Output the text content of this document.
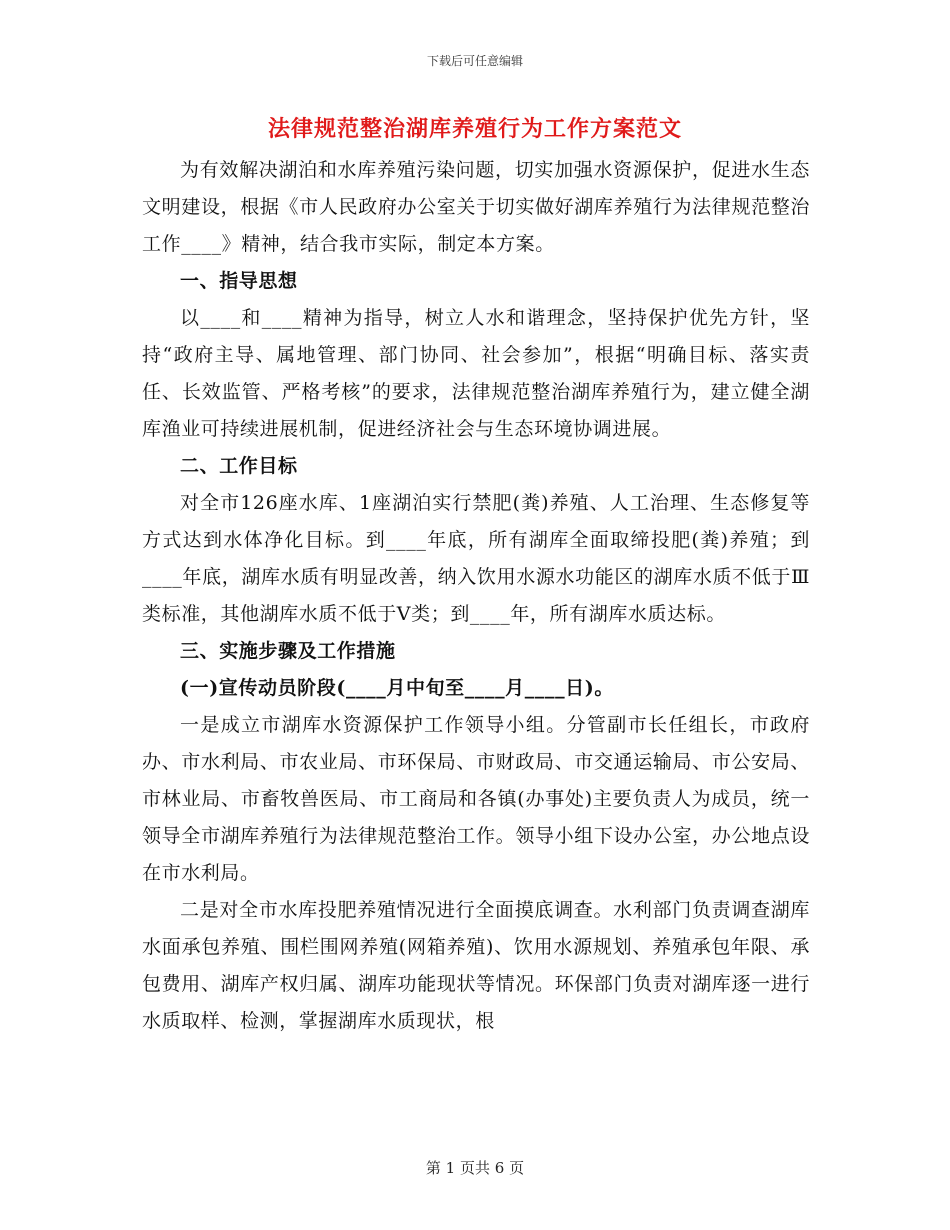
下载后可任意编辑
法律规范整治湖库养殖行为工作方案范文

为有效解决湖泊和水库养殖污染问题，切实加强水资源保护，促进水生态文明建设，根据《市人民政府办公室关于切实做好湖库养殖行为法律规范整治工作____》精神，结合我市实际，制定本方案。

一、指导思想

以____和____精神为指导，树立人水和谐理念，坚持保护优先方针，坚持“政府主导、属地管理、部门协同、社会参加”，根据“明确目标、落实责任、长效监管、严格考核”的要求，法律规范整治湖库养殖行为，建立健全湖库渔业可持续进展机制，促进经济社会与生态环境协调进展。

二、工作目标

对全市126座水库、1座湖泊实行禁肥(粪)养殖、人工治理、生态修复等方式达到水体净化目标。到____年底，所有湖库全面取缔投肥(粪)养殖；到____年底，湖库水质有明显改善，纳入饮用水源水功能区的湖库水质不低于Ⅲ类标准，其他湖库水质不低于Ⅴ类；到____年，所有湖库水质达标。

三、实施步骤及工作措施

(一)宣传动员阶段(____月中旬至____月____日)。

一是成立市湖库水资源保护工作领导小组。分管副市长任组长，市政府办、市水利局、市农业局、市环保局、市财政局、市交通运输局、市公安局、市林业局、市畜牧兽医局、市工商局和各镇(办事处)主要负责人为成员，统一领导全市湖库养殖行为法律规范整治工作。领导小组下设办公室，办公地点设在市水利局。

二是对全市水库投肥养殖情况进行全面摸底调查。水利部门负责调查湖库水面承包养殖、围栏围网养殖(网箱养殖)、饮用水源规划、养殖承包年限、承包费用、湖库产权归属、湖库功能现状等情况。环保部门负责对湖库逐一进行水质取样、检测，掌握湖库水质现状，根

第 1 页共 6 页
